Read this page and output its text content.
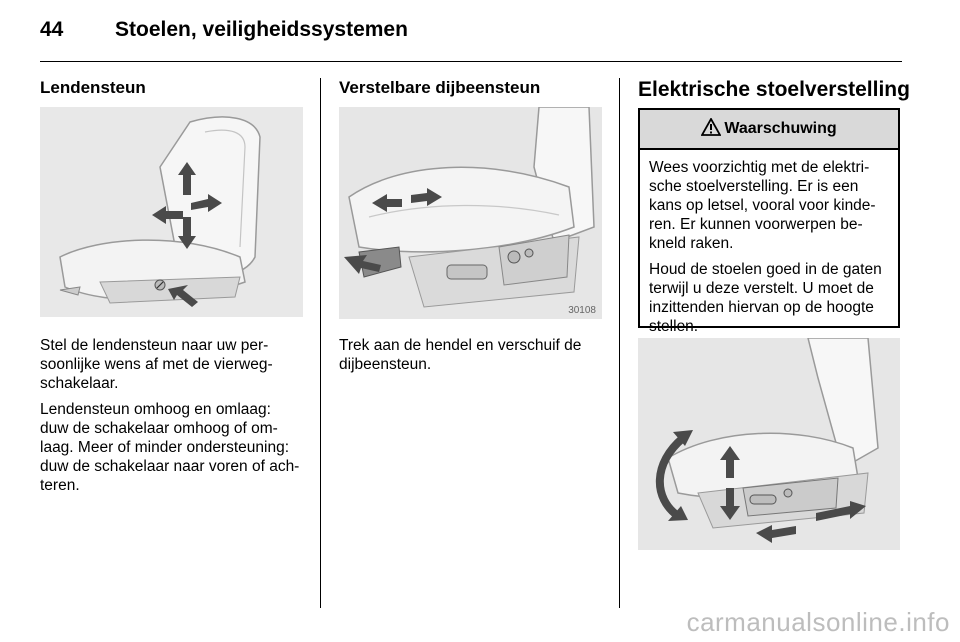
44 Stoelen, veiligheidssystemen
Lendensteun

Stel de lendensteun naar uw per-
soonlijke wens af met de vierweg-
schakelaar.

Lendensteun omhoog en omlaag:
duw de schakelaar omhoog of om-
laag. Meer of minder ondersteuning:
duw de schakelaar naar voren of ach-
teren.

Verstelbare dijbeensteun
30108

Trek aan de hendel en verschuif de
dijbeensteun.

Elektrische stoelverstelling
Waarschuwing

Wees voorzichtig met de elektri-
sche stoelverstelling. Er is een
kans op letsel, vooral voor kinde-
ren. Er kunnen voorwerpen be-
kneld raken.

Houd de stoelen goed in de gaten
terwijl u deze verstelt. U moet de
inzittenden hiervan op de hoogte
stellen.

carmanualsonline.info
